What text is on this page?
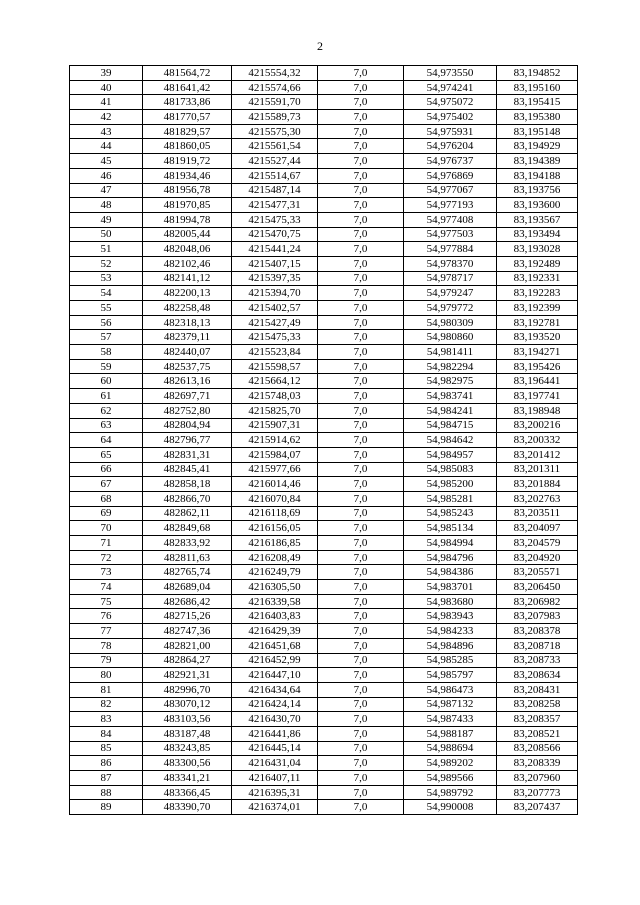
2
39	481564,72	4215554,32	7,0	54,973550	83,194852
40	481641,42	4215574,66	7,0	54,974241	83,195160
41	481733,86	4215591,70	7,0	54,975072	83,195415
42	481770,57	4215589,73	7,0	54,975402	83,195380
43	481829,57	4215575,30	7,0	54,975931	83,195148
44	481860,05	4215561,54	7,0	54,976204	83,194929
45	481919,72	4215527,44	7,0	54,976737	83,194389
46	481934,46	4215514,67	7,0	54,976869	83,194188
47	481956,78	4215487,14	7,0	54,977067	83,193756
48	481970,85	4215477,31	7,0	54,977193	83,193600
49	481994,78	4215475,33	7,0	54,977408	83,193567
50	482005,44	4215470,75	7,0	54,977503	83,193494
51	482048,06	4215441,24	7,0	54,977884	83,193028
52	482102,46	4215407,15	7,0	54,978370	83,192489
53	482141,12	4215397,35	7,0	54,978717	83,192331
54	482200,13	4215394,70	7,0	54,979247	83,192283
55	482258,48	4215402,57	7,0	54,979772	83,192399
56	482318,13	4215427,49	7,0	54,980309	83,192781
57	482379,11	4215475,33	7,0	54,980860	83,193520
58	482440,07	4215523,84	7,0	54,981411	83,194271
59	482537,75	4215598,57	7,0	54,982294	83,195426
60	482613,16	4215664,12	7,0	54,982975	83,196441
61	482697,71	4215748,03	7,0	54,983741	83,197741
62	482752,80	4215825,70	7,0	54,984241	83,198948
63	482804,94	4215907,31	7,0	54,984715	83,200216
64	482796,77	4215914,62	7,0	54,984642	83,200332
65	482831,31	4215984,07	7,0	54,984957	83,201412
66	482845,41	4215977,66	7,0	54,985083	83,201311
67	482858,18	4216014,46	7,0	54,985200	83,201884
68	482866,70	4216070,84	7,0	54,985281	83,202763
69	482862,11	4216118,69	7,0	54,985243	83,203511
70	482849,68	4216156,05	7,0	54,985134	83,204097
71	482833,92	4216186,85	7,0	54,984994	83,204579
72	482811,63	4216208,49	7,0	54,984796	83,204920
73	482765,74	4216249,79	7,0	54,984386	83,205571
74	482689,04	4216305,50	7,0	54,983701	83,206450
75	482686,42	4216339,58	7,0	54,983680	83,206982
76	482715,26	4216403,83	7,0	54,983943	83,207983
77	482747,36	4216429,39	7,0	54,984233	83,208378
78	482821,00	4216451,68	7,0	54,984896	83,208718
79	482864,27	4216452,99	7,0	54,985285	83,208733
80	482921,31	4216447,10	7,0	54,985797	83,208634
81	482996,70	4216434,64	7,0	54,986473	83,208431
82	483070,12	4216424,14	7,0	54,987132	83,208258
83	483103,56	4216430,70	7,0	54,987433	83,208357
84	483187,48	4216441,86	7,0	54,988187	83,208521
85	483243,85	4216445,14	7,0	54,988694	83,208566
86	483300,56	4216431,04	7,0	54,989202	83,208339
87	483341,21	4216407,11	7,0	54,989566	83,207960
88	483366,45	4216395,31	7,0	54,989792	83,207773
89	483390,70	4216374,01	7,0	54,990008	83,207437
